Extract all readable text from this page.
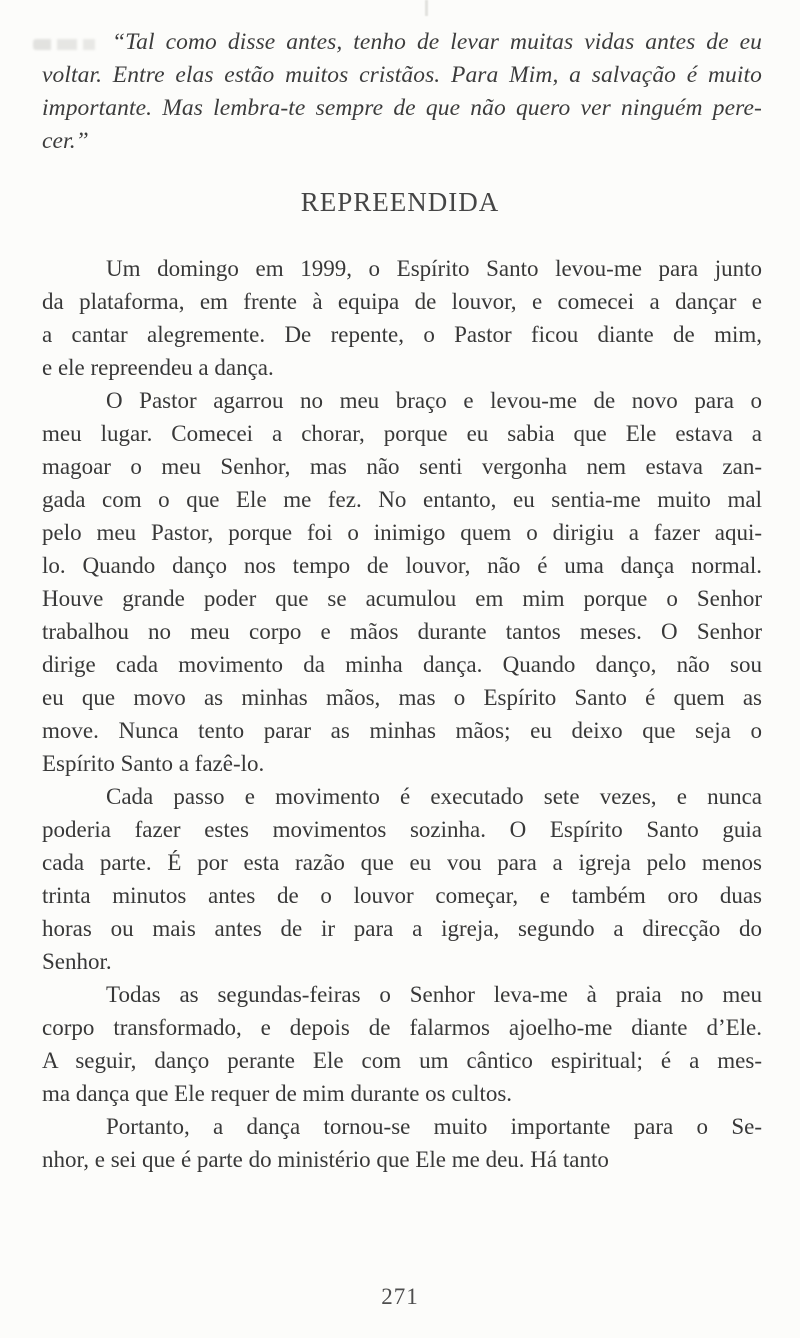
“Tal como disse antes, tenho de levar muitas vidas antes de eu
voltar. Entre elas estão muitos cristãos. Para Mim, a salvação é muito
importante. Mas lembra-te sempre de que não quero ver ninguém pere-
cer.”
REPREENDIDA
Um domingo em 1999, o Espírito Santo levou-me para junto
da plataforma, em frente à equipa de louvor, e comecei a dançar e
a cantar alegremente. De repente, o Pastor ficou diante de mim,
e ele repreendeu a dança.
O Pastor agarrou no meu braço e levou-me de novo para o
meu lugar. Comecei a chorar, porque eu sabia que Ele estava a
magoar o meu Senhor, mas não senti vergonha nem estava zan-
gada com o que Ele me fez. No entanto, eu sentia-me muito mal
pelo meu Pastor, porque foi o inimigo quem o dirigiu a fazer aqui-
lo. Quando danço nos tempo de louvor, não é uma dança normal.
Houve grande poder que se acumulou em mim porque o Senhor
trabalhou no meu corpo e mãos durante tantos meses. O Senhor
dirige cada movimento da minha dança. Quando danço, não sou
eu que movo as minhas mãos, mas o Espírito Santo é quem as
move. Nunca tento parar as minhas mãos; eu deixo que seja o
Espírito Santo a fazê-lo.
Cada passo e movimento é executado sete vezes, e nunca
poderia fazer estes movimentos sozinha. O Espírito Santo guia
cada parte. É por esta razão que eu vou para a igreja pelo menos
trinta minutos antes de o louvor começar, e também oro duas
horas ou mais antes de ir para a igreja, segundo a direcção do
Senhor.
Todas as segundas-feiras o Senhor leva-me à praia no meu
corpo transformado, e depois de falarmos ajoelho-me diante d’Ele.
A seguir, danço perante Ele com um cântico espiritual; é a mes-
ma dança que Ele requer de mim durante os cultos.
Portanto, a dança tornou-se muito importante para o Se-
nhor, e sei que é parte do ministério que Ele me deu. Há tanto
271
